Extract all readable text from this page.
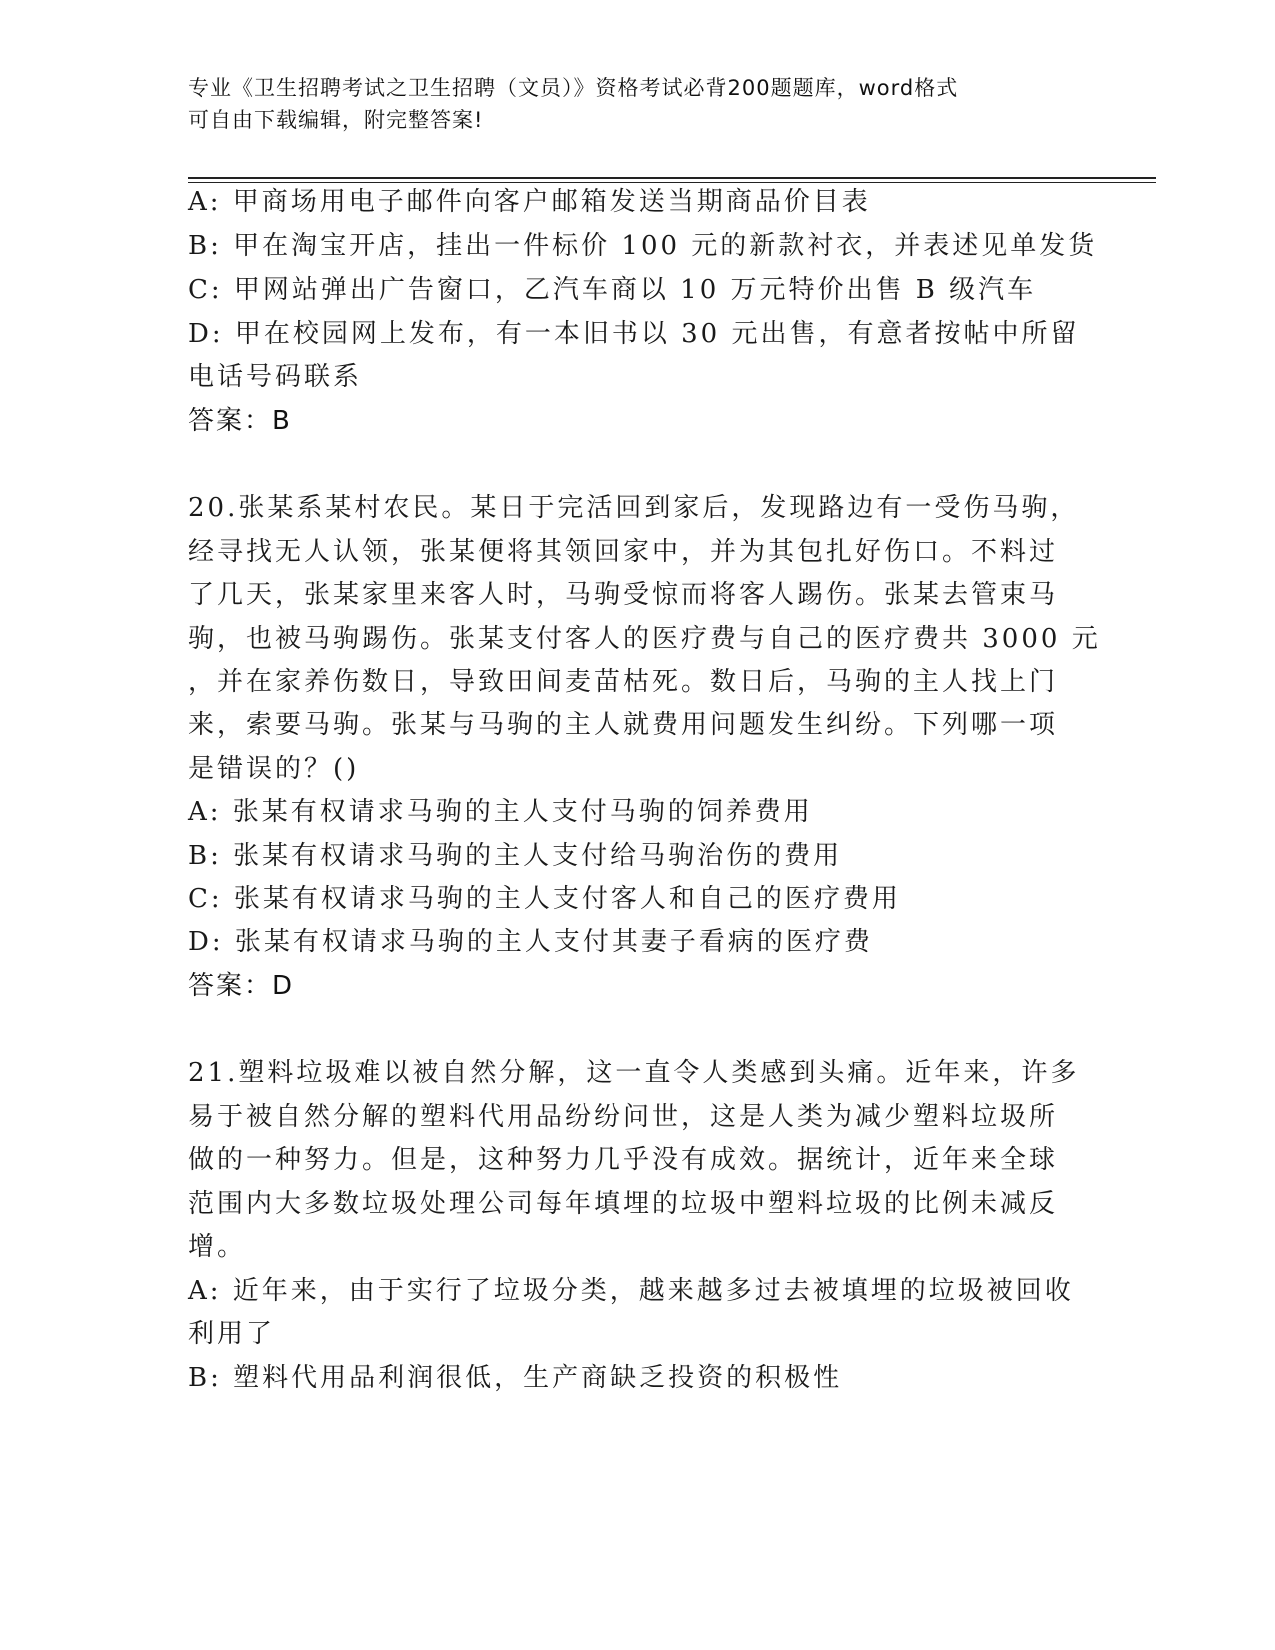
专业《卫生招聘考试之卫生招聘（文员）》资格考试必背200题题库，word格式
可自由下载编辑，附完整答案!
A: 甲商场用电子邮件向客户邮箱发送当期商品价目表
B: 甲在淘宝开店，挂出一件标价 100 元的新款衬衣，并表述见单发货
C: 甲网站弹出广告窗口，乙汽车商以 10 万元特价出售 B 级汽车
D: 甲在校园网上发布，有一本旧书以 30 元出售，有意者按帖中所留
电话号码联系
答案：B
20.张某系某村农民。某日于完活回到家后，发现路边有一受伤马驹，
经寻找无人认领，张某便将其领回家中，并为其包扎好伤口。不料过
了几天，张某家里来客人时，马驹受惊而将客人踢伤。张某去管束马
驹，也被马驹踢伤。张某支付客人的医疗费与自己的医疗费共 3000 元
，并在家养伤数日，导致田间麦苗枯死。数日后，马驹的主人找上门
来，索要马驹。张某与马驹的主人就费用问题发生纠纷。下列哪一项
是错误的？()
A: 张某有权请求马驹的主人支付马驹的饲养费用
B: 张某有权请求马驹的主人支付给马驹治伤的费用
C: 张某有权请求马驹的主人支付客人和自己的医疗费用
D: 张某有权请求马驹的主人支付其妻子看病的医疗费
答案：D
21.塑料垃圾难以被自然分解，这一直令人类感到头痛。近年来，许多
易于被自然分解的塑料代用品纷纷问世，这是人类为减少塑料垃圾所
做的一种努力。但是，这种努力几乎没有成效。据统计，近年来全球
范围内大多数垃圾处理公司每年填埋的垃圾中塑料垃圾的比例未减反
增。
A: 近年来，由于实行了垃圾分类，越来越多过去被填埋的垃圾被回收
利用了
B: 塑料代用品利润很低，生产商缺乏投资的积极性
